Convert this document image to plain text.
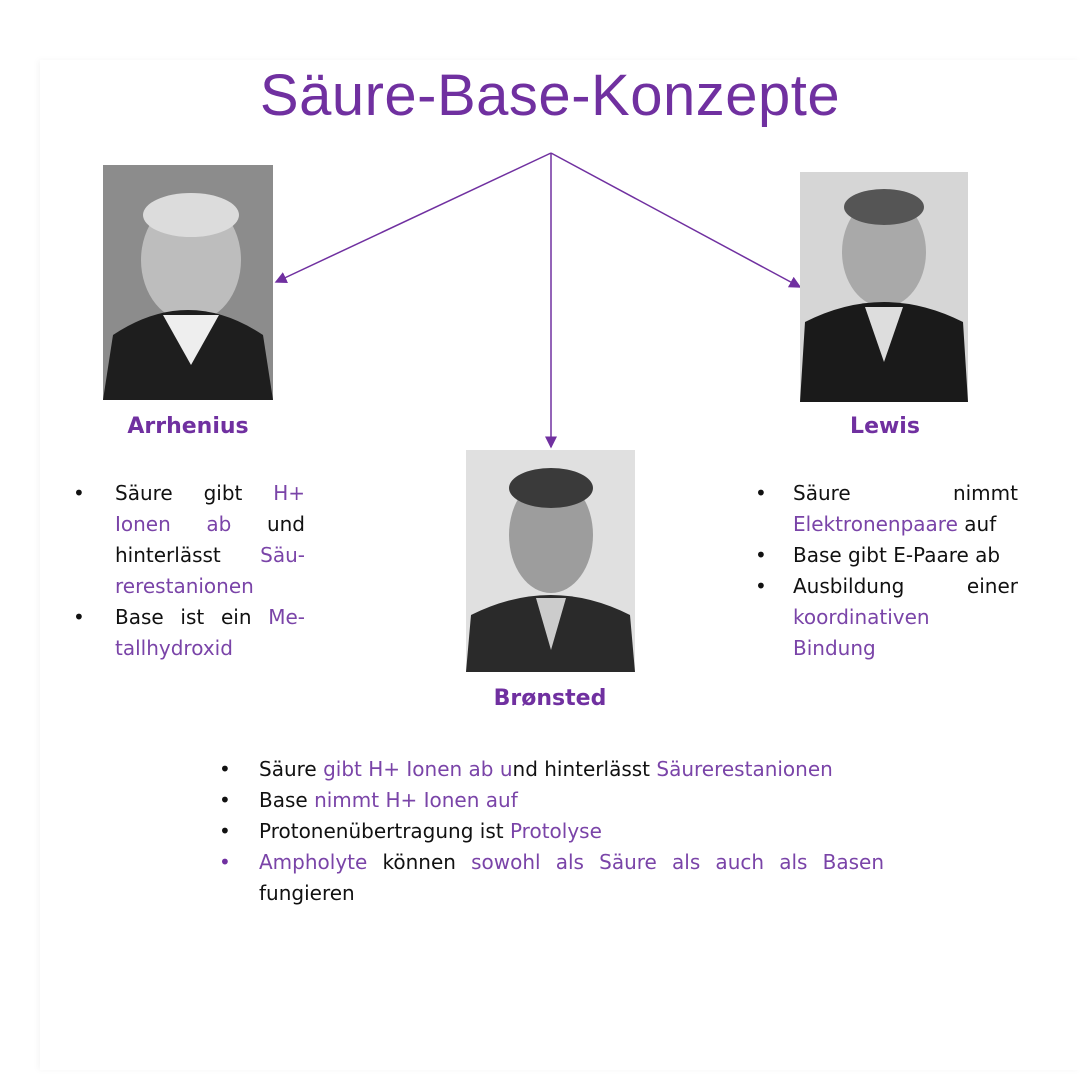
Säure-Base-Konzepte
Arrhenius	Lewis
Brønsted
• Säure gibt H+ Ionen ab und hinterlässt Säu-rerestanionen
• Base ist ein Me-tallhydroxid
• Säure nimmt Elektronenpaare auf
• Base gibt E-Paare ab
• Ausbildung einer koordinativen Bindung
• Säure gibt H+ Ionen ab und hinterlässt Säurerestanionen
• Base nimmt H+ Ionen auf
• Protonenübertragung ist Protolyse
• Ampholyte können sowohl als Säure als auch als Basen fungieren
